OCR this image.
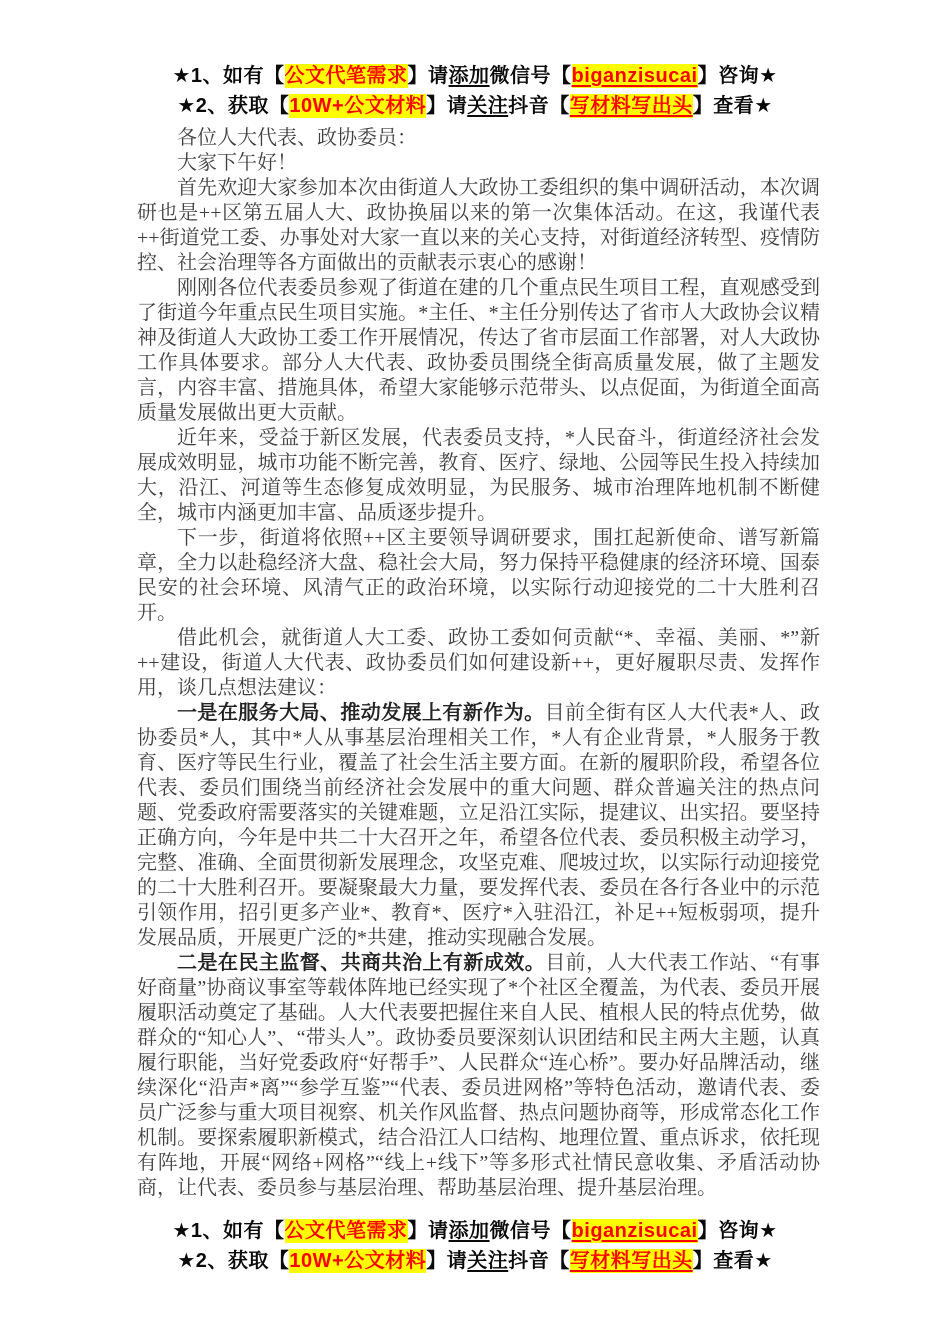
★1、如有【公文代笔需求】请添加微信号【biganzisucai】咨询★
★2、获取【10W+公文材料】请关注抖音【写材料写出头】查看★

各位人大代表、政协委员：

大家下午好！

首先欢迎大家参加本次由街道人大政协工委组织的集中调研活动，本次调研也是++区第五届人大、政协换届以来的第一次集体活动。在这，我谨代表++街道党工委、办事处对大家一直以来的关心支持，对街道经济转型、疫情防控、社会治理等各方面做出的贡献表示衷心的感谢！

刚刚各位代表委员参观了街道在建的几个重点民生项目工程，直观感受到了街道今年重点民生项目实施。*主任、*主任分别传达了省市人大政协会议精神及街道人大政协工委工作开展情况，传达了省市层面工作部署，对人大政协工作具体要求。部分人大代表、政协委员围绕全街高质量发展，做了主题发言，内容丰富、措施具体，希望大家能够示范带头、以点促面，为街道全面高质量发展做出更大贡献。

近年来，受益于新区发展，代表委员支持，*人民奋斗，街道经济社会发展成效明显，城市功能不断完善，教育、医疗、绿地、公园等民生投入持续加大，沿江、河道等生态修复成效明显，为民服务、城市治理阵地机制不断健全，城市内涵更加丰富、品质逐步提升。

下一步，街道将依照++区主要领导调研要求，围扛起新使命、谱写新篇章，全力以赴稳经济大盘、稳社会大局，努力保持平稳健康的经济环境、国泰民安的社会环境、风清气正的政治环境，以实际行动迎接党的二十大胜利召开。

借此机会，就街道人大工委、政协工委如何贡献“*、幸福、美丽、*”新++建设，街道人大代表、政协委员们如何建设新++，更好履职尽责、发挥作用，谈几点想法建议：

一是在服务大局、推动发展上有新作为。目前全街有区人大代表*人、政协委员*人，其中*人从事基层治理相关工作，*人有企业背景，*人服务于教育、医疗等民生行业，覆盖了社会生活主要方面。在新的履职阶段，希望各位代表、委员们围绕当前经济社会发展中的重大问题、群众普遍关注的热点问题、党委政府需要落实的关键难题，立足沿江实际，提建议、出实招。要坚持正确方向，今年是中共二十大召开之年，希望各位代表、委员积极主动学习，完整、准确、全面贯彻新发展理念，攻坚克难、爬坡过坎，以实际行动迎接党的二十大胜利召开。要凝聚最大力量，要发挥代表、委员在各行各业中的示范引领作用，招引更多产业*、教育*、医疗*入驻沿江，补足++短板弱项，提升发展品质，开展更广泛的*共建，推动实现融合发展。

二是在民主监督、共商共治上有新成效。目前，人大代表工作站、“有事好商量”协商议事室等载体阵地已经实现了*个社区全覆盖，为代表、委员开展履职活动奠定了基础。人大代表要把握住来自人民、植根人民的特点优势，做群众的“知心人”、“带头人”。政协委员要深刻认识团结和民主两大主题，认真履行职能，当好党委政府“好帮手”、人民群众“连心桥”。要办好品牌活动，继续深化“沿声*离”“参学互鉴”“代表、委员进网格”等特色活动，邀请代表、委员广泛参与重大项目视察、机关作风监督、热点问题协商等，形成常态化工作机制。要探索履职新模式，结合沿江人口结构、地理位置、重点诉求，依托现有阵地，开展“网络+网格”“线上+线下”等多形式社情民意收集、矛盾活动协商，让代表、委员参与基层治理、帮助基层治理、提升基层治理。

★1、如有【公文代笔需求】请添加微信号【biganzisucai】咨询★
★2、获取【10W+公文材料】请关注抖音【写材料写出头】查看★
